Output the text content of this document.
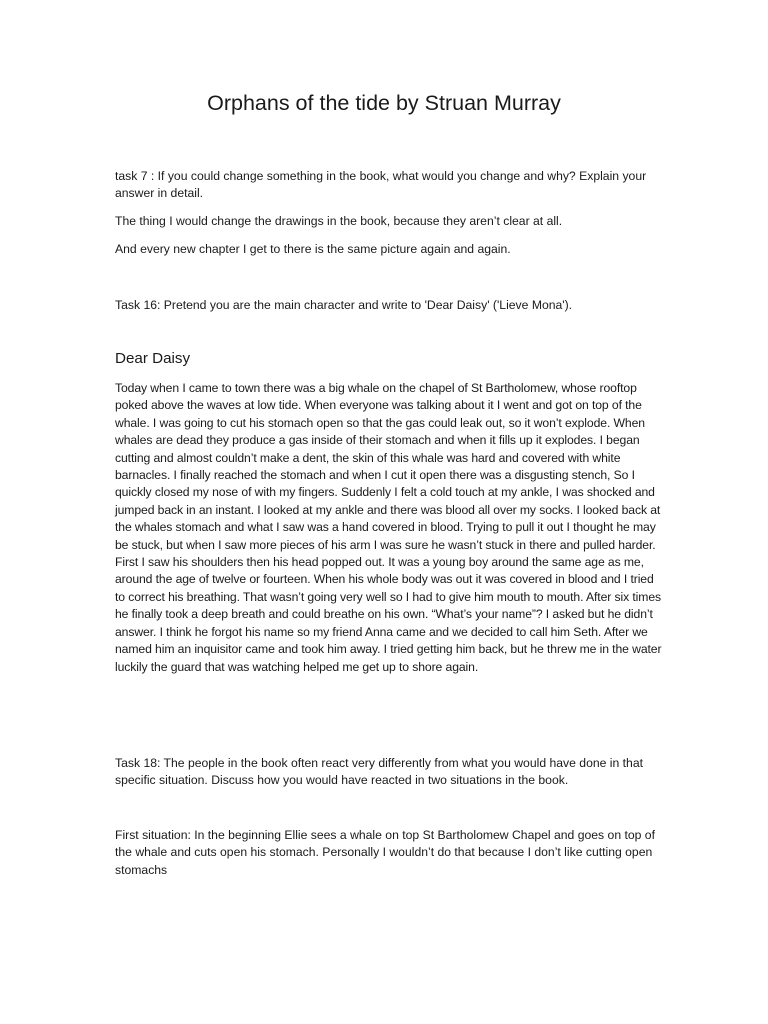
Orphans of the tide by Struan Murray

task 7 : If you could change something in the book, what would you change and why? Explain your answer in detail.

The thing I would change the drawings in the book, because they aren’t clear at all.

And every new chapter I get to there is the same picture again and again.

Task 16: Pretend you are the main character and write to 'Dear Daisy' ('Lieve Mona').

Dear Daisy

Today when I came to town there was a big whale on the chapel of St Bartholomew, whose rooftop poked above the waves at low tide. When everyone was talking about it I went and got on top of the whale. I was going to cut his stomach open so that the gas could leak out, so it won’t explode. When whales are dead they produce a gas inside of their stomach and when it fills up it explodes. I began cutting and almost couldn’t make a dent, the skin of this whale was hard and covered with white barnacles. I finally reached the stomach and when I cut it open there was a disgusting stench, So I quickly closed my nose of with my fingers. Suddenly I felt a cold touch at my ankle, I was shocked and jumped back in an instant. I looked at my ankle and there was blood all over my socks. I looked back at the whales stomach and what I saw was a hand covered in blood. Trying to pull it out I thought he may be stuck, but when I saw more pieces of his arm I was sure he wasn’t stuck in there and pulled harder. First I saw his shoulders then his head popped out. It was a young boy around the same age as me, around the age of twelve or fourteen. When his whole body was out it was covered in blood and I tried to correct his breathing. That wasn’t going very well so I had to give him mouth to mouth. After six times he finally took a deep breath and could breathe on his own. “What’s your name”? I asked but he didn’t answer. I think he forgot his name so my friend Anna came and we decided to call him Seth. After we named him an inquisitor came and took him away. I tried getting him back, but he threw me in the water luckily the guard that was watching helped me get up to shore again.

Task 18: The people in the book often react very differently from what you would have done in that specific situation. Discuss how you would have reacted in two situations in the book.

First situation: In the beginning Ellie sees a whale on top St Bartholomew Chapel and goes on top of the whale and cuts open his stomach. Personally I wouldn’t do that because I don’t like cutting open stomachs
